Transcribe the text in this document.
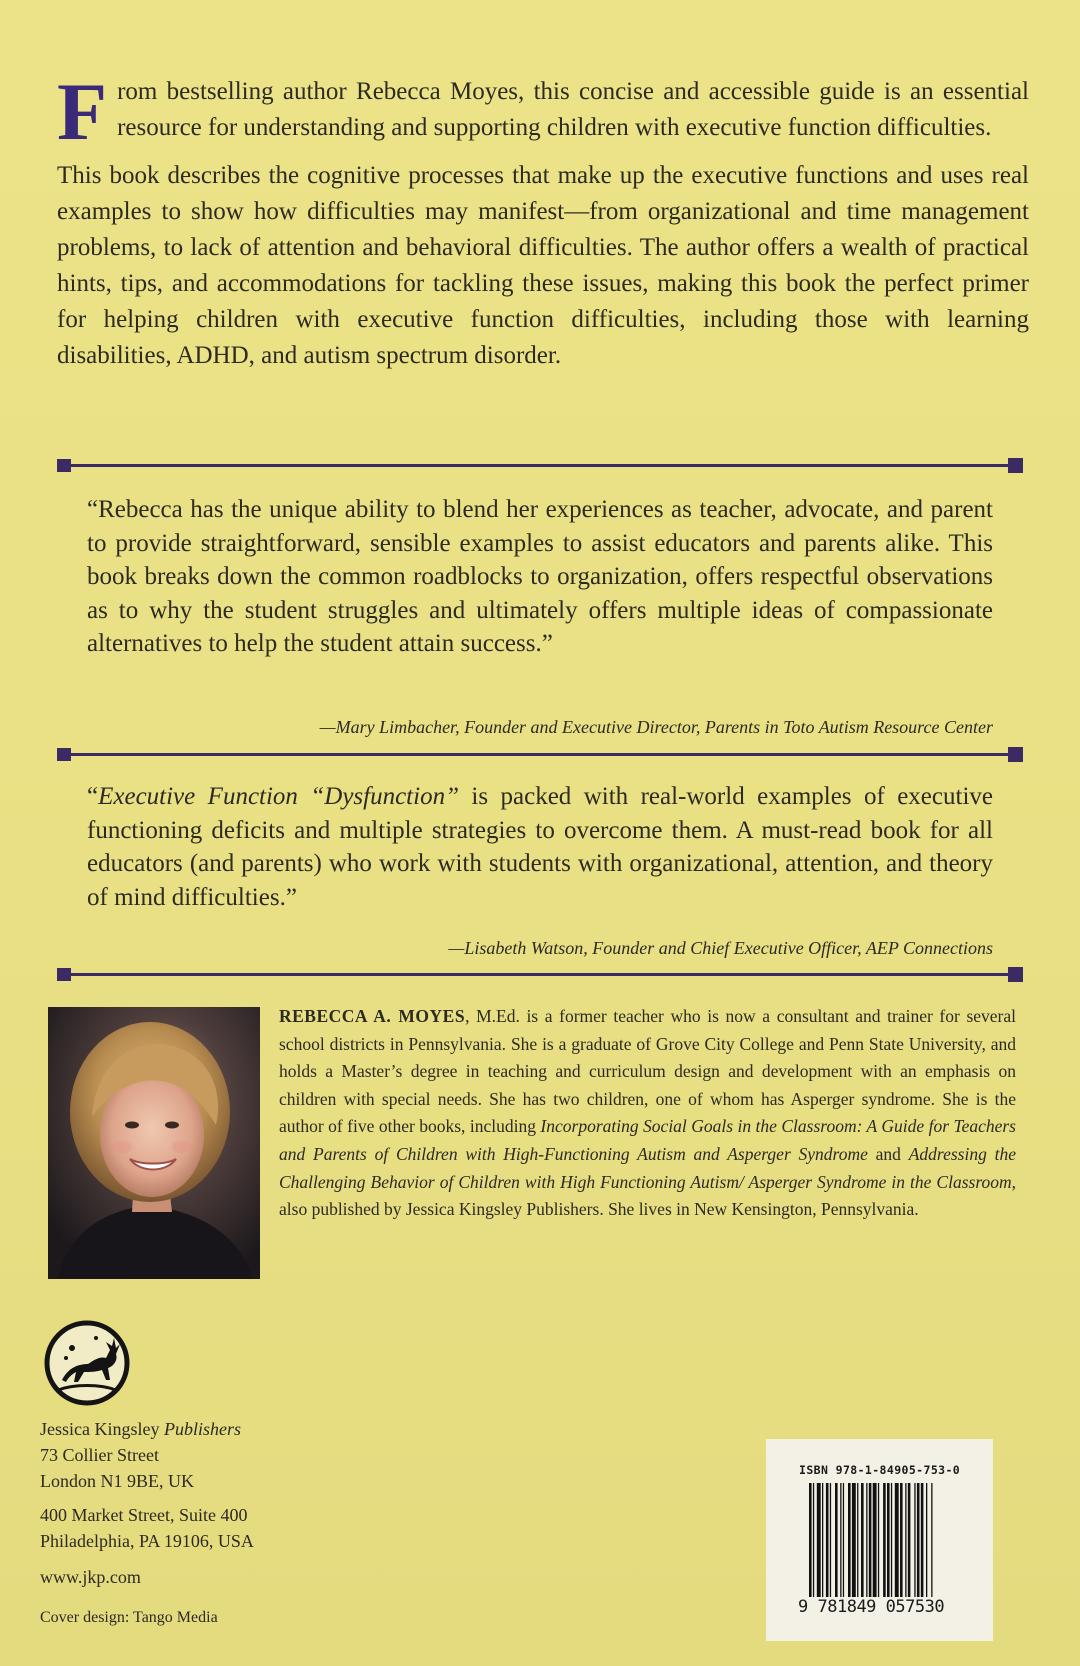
From bestselling author Rebecca Moyes, this concise and accessible guide is an essential resource for understanding and supporting children with executive function difficulties.

This book describes the cognitive processes that make up the executive functions and uses real examples to show how difficulties may manifest—from organizational and time management problems, to lack of attention and behavioral difficulties. The author offers a wealth of practical hints, tips, and accommodations for tackling these issues, making this book the perfect primer for helping children with executive function difficulties, including those with learning disabilities, ADHD, and autism spectrum disorder.

“Rebecca has the unique ability to blend her experiences as teacher, advocate, and parent to provide straightforward, sensible examples to assist educators and parents alike. This book breaks down the common roadblocks to organization, offers respectful observations as to why the student struggles and ultimately offers multiple ideas of compassionate alternatives to help the student attain success.”

—Mary Limbacher, Founder and Executive Director, Parents in Toto Autism Resource Center

“Executive Function “Dysfunction” is packed with real-world examples of executive functioning deficits and multiple strategies to overcome them. A must-read book for all educators (and parents) who work with students with organizational, attention, and theory of mind difficulties.”

—Lisabeth Watson, Founder and Chief Executive Officer, AEP Connections
REBECCA A. MOYES, M.Ed. is a former teacher who is now a consultant and trainer for several school districts in Pennsylvania. She is a graduate of Grove City College and Penn State University, and holds a Master’s degree in teaching and curriculum design and development with an emphasis on children with special needs. She has two children, one of whom has Asperger syndrome. She is the author of five other books, including Incorporating Social Goals in the Classroom: A Guide for Teachers and Parents of Children with High-Functioning Autism and Asperger Syndrome and Addressing the Challenging Behavior of Children with High Functioning Autism/ Asperger Syndrome in the Classroom, also published by Jessica Kingsley Publishers. She lives in New Kensington, Pennsylvania.
Jessica Kingsley Publishers
73 Collier Street
London N1 9BE, UK
400 Market Street, Suite 400
Philadelphia, PA 19106, USA
www.jkp.com
Cover design: Tango Media
ISBN 978-1-84905-753-0
9 781849 057530
